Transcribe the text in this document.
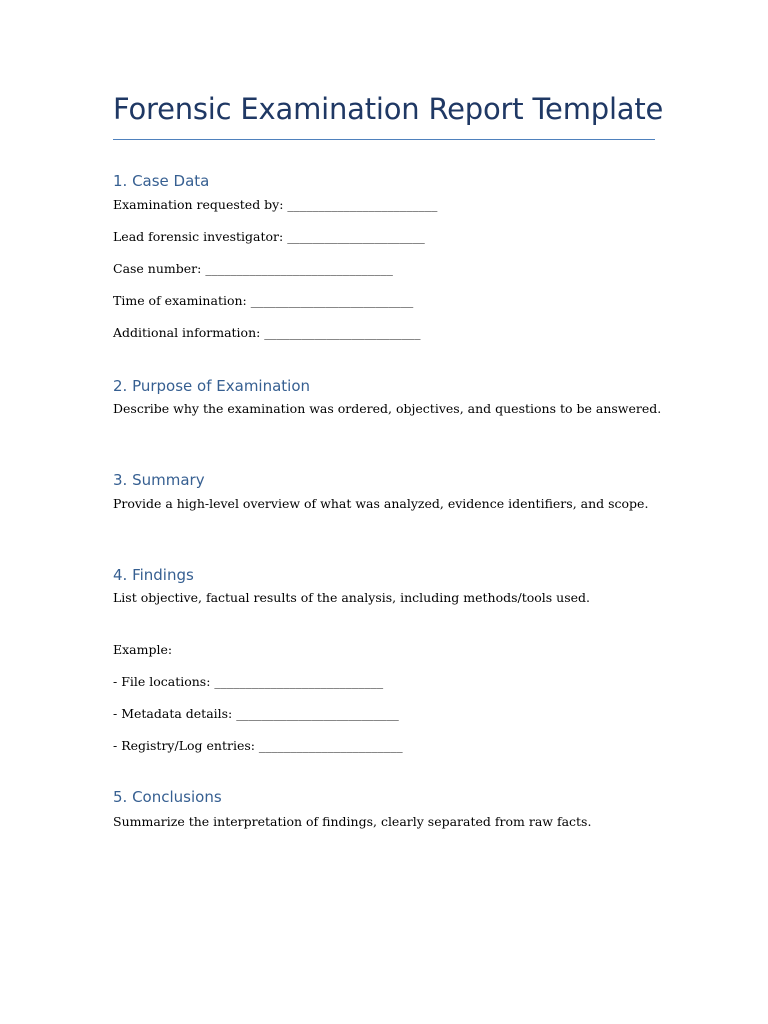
Forensic Examination Report Template
1. Case Data
Examination requested by: ________________________
Lead forensic investigator: ______________________
Case number: ______________________________
Time of examination: __________________________
Additional information: _________________________
2. Purpose of Examination
Describe why the examination was ordered, objectives, and questions to be answered.
3. Summary
Provide a high-level overview of what was analyzed, evidence identifiers, and scope.
4. Findings
List objective, factual results of the analysis, including methods/tools used.
Example:
- File locations: ___________________________
- Metadata details: __________________________
- Registry/Log entries: _______________________
5. Conclusions
Summarize the interpretation of findings, clearly separated from raw facts.
